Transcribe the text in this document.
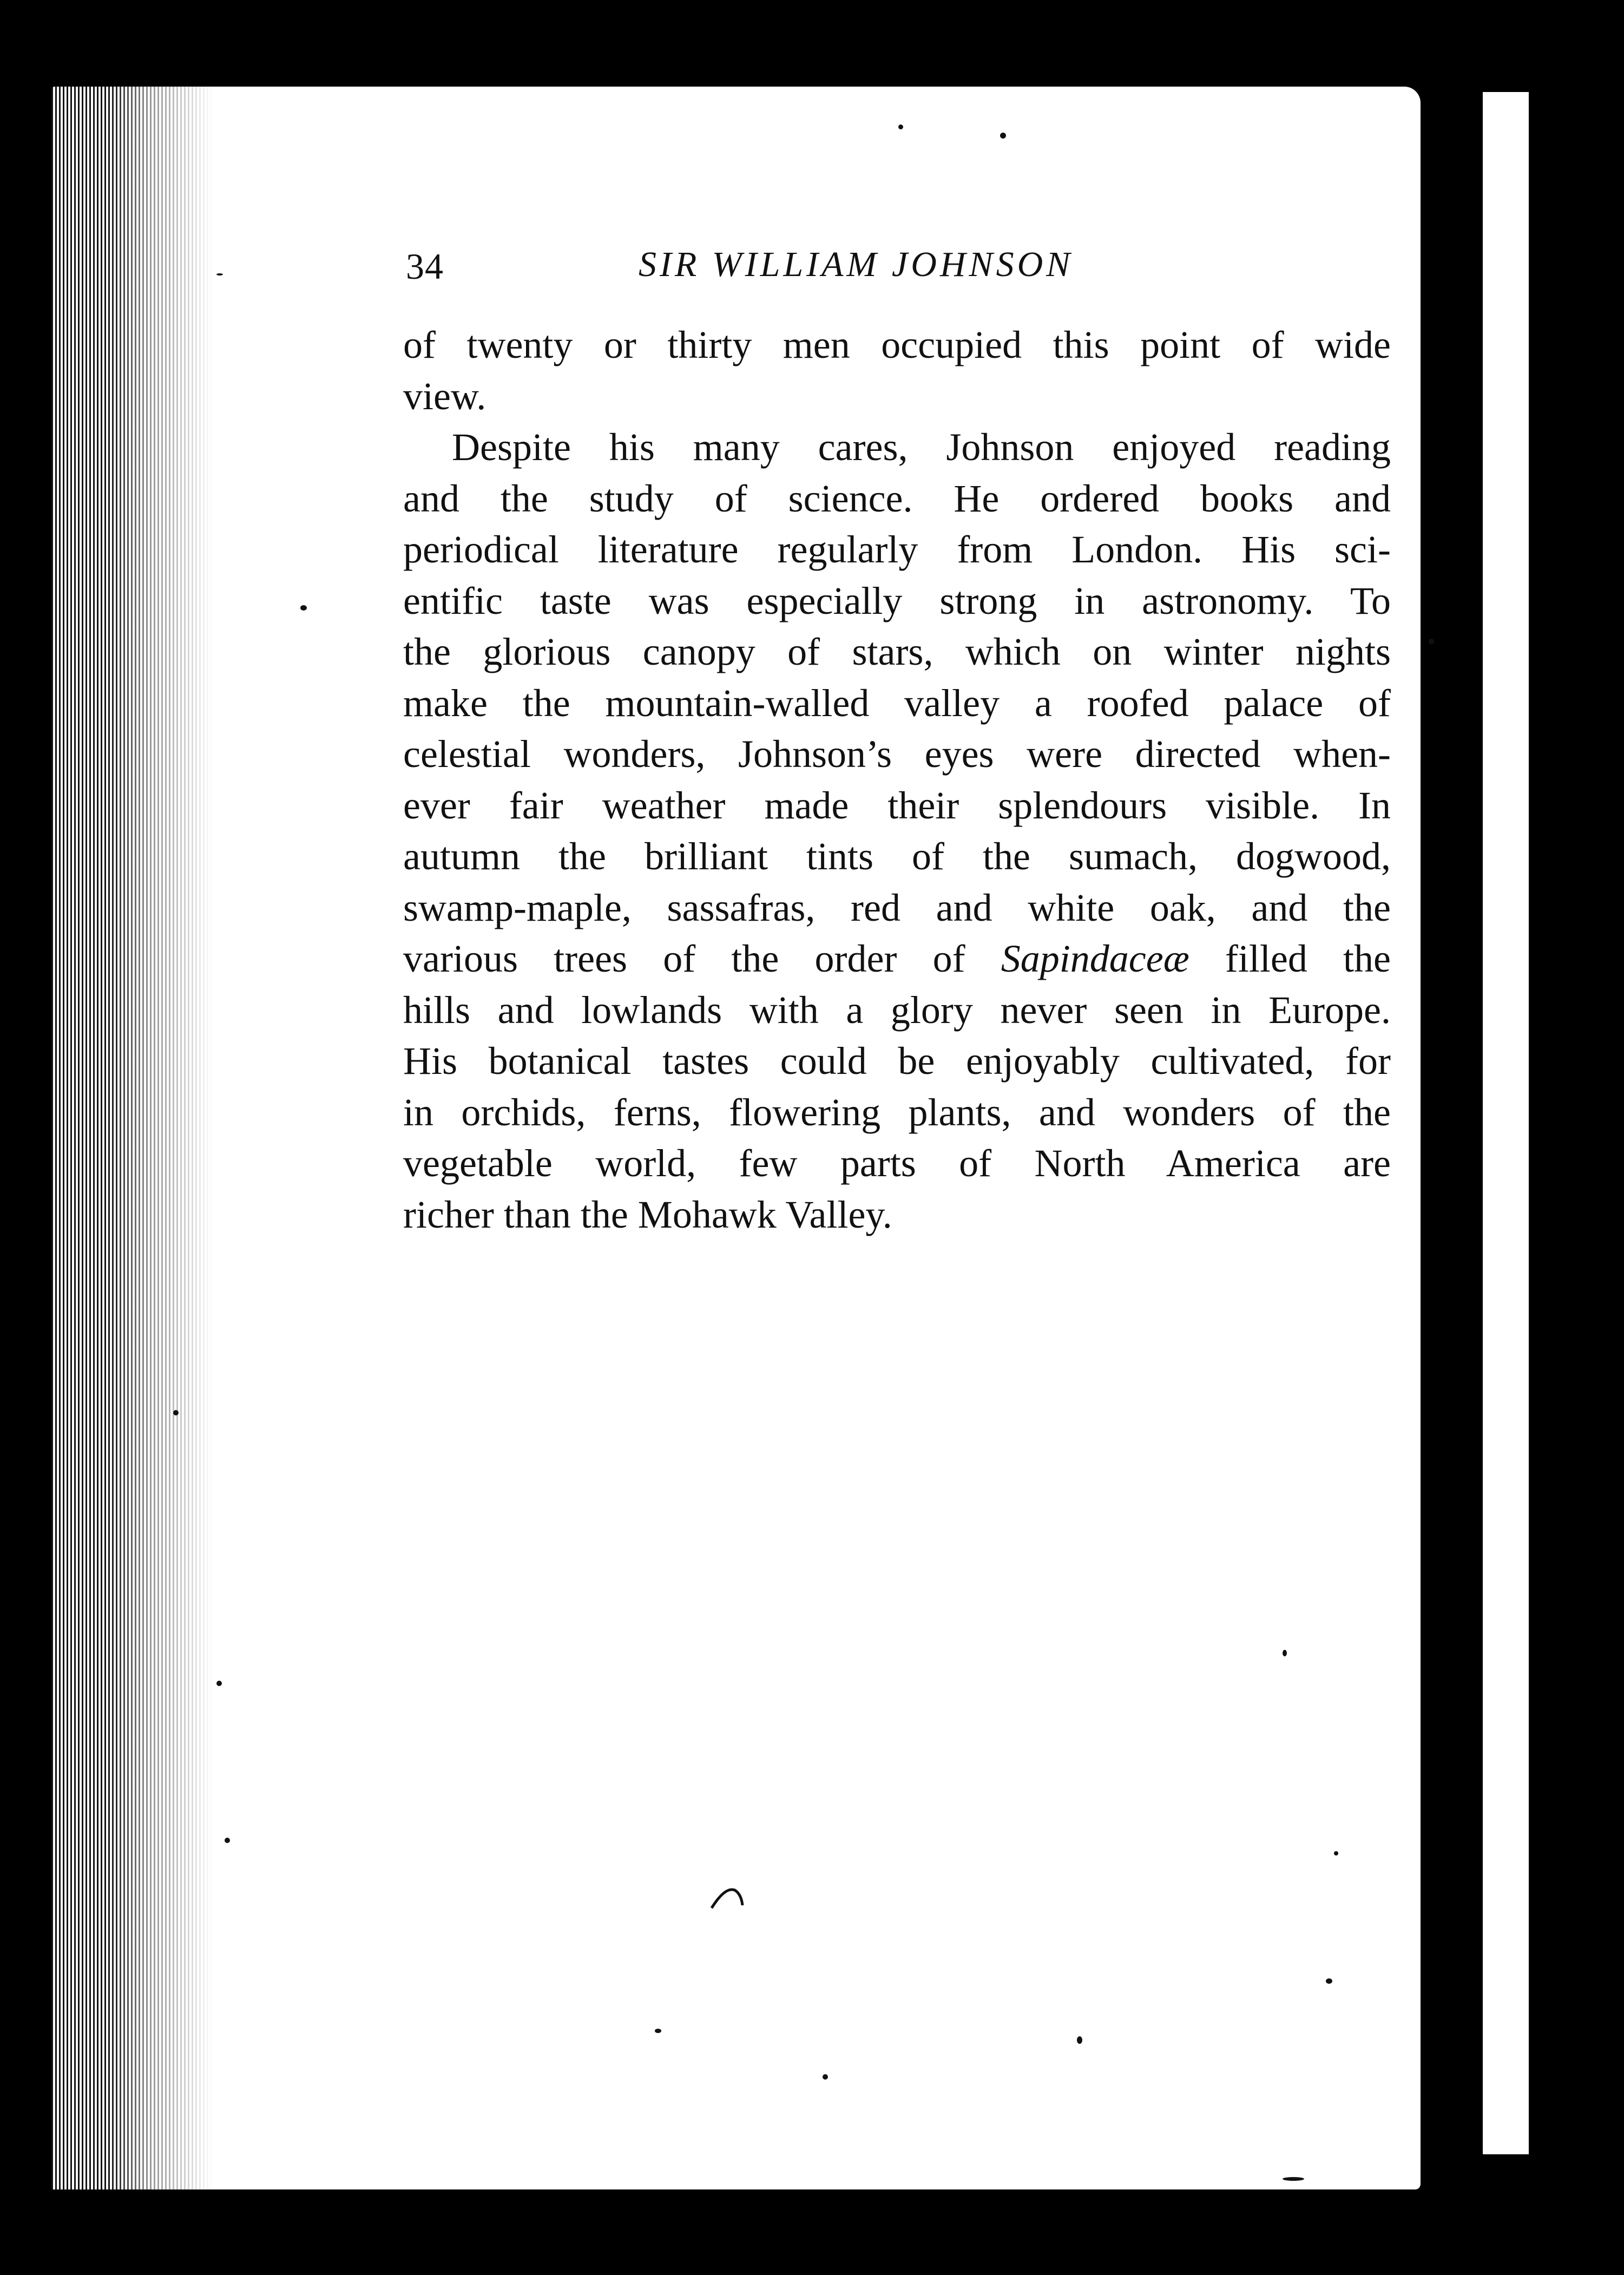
34	SIR WILLIAM JOHNSON
of twenty or thirty men occupied this point of wide
view.
Despite his many cares, Johnson enjoyed reading
and the study of science. He ordered books and
periodical literature regularly from London. His sci-
entific taste was especially strong in astronomy. To
the glorious canopy of stars, which on winter nights
make the mountain-walled valley a roofed palace of
celestial wonders, Johnson’s eyes were directed when-
ever fair weather made their splendours visible. In
autumn the brilliant tints of the sumach, dogwood,
swamp-maple, sassafras, red and white oak, and the
various trees of the order of Sapindaceæ filled the
hills and lowlands with a glory never seen in Europe.
His botanical tastes could be enjoyably cultivated, for
in orchids, ferns, flowering plants, and wonders of the
vegetable world, few parts of North America are
richer than the Mohawk Valley.
